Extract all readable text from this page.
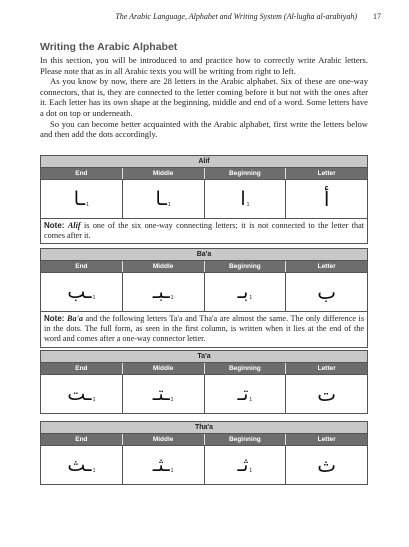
The Arabic Language, Alphabet and Writing System (Al-lugha al-arabiyah) 17
Writing the Arabic Alphabet

In this section, you will be introduced to and practice how to correctly write Arabic letters. Please note that as in all Arabic texts you will be writing from right to left.

As you know by now, there are 28 letters in the Arabic alphabet. Six of these are one-way connectors, that is, they are connected to the letter coming before it but not with the ones after it. Each letter has its own shape at the beginning, middle and end of a word. Some letters have a dot on top or underneath.

So you can become better acquainted with the Arabic alphabet, first write the letters below and then add the dots accordingly.

Alif
End	Middle	Beginning	Letter
ـا 1	ـا 1	ا 1	أ
Note: Alif is one of the six one-way connecting letters; it is not connected to the letter that comes after it.
Ba'a
End	Middle	Beginning	Letter
ـب 1	ـبـ 1	بـ 1	ب
Note: Ba'a and the following letters Ta'a and Tha'a are almost the same. The only difference is in the dots. The full form, as seen in the first column, is written when it lies at the end of the word and comes after a one-way connector letter.
Ta'a
End	Middle	Beginning	Letter
ـت 1	ـتـ 1	تـ 1	ت
Tha'a
End	Middle	Beginning	Letter
ـث 1	ـثـ 1	ثـ 1	ث
